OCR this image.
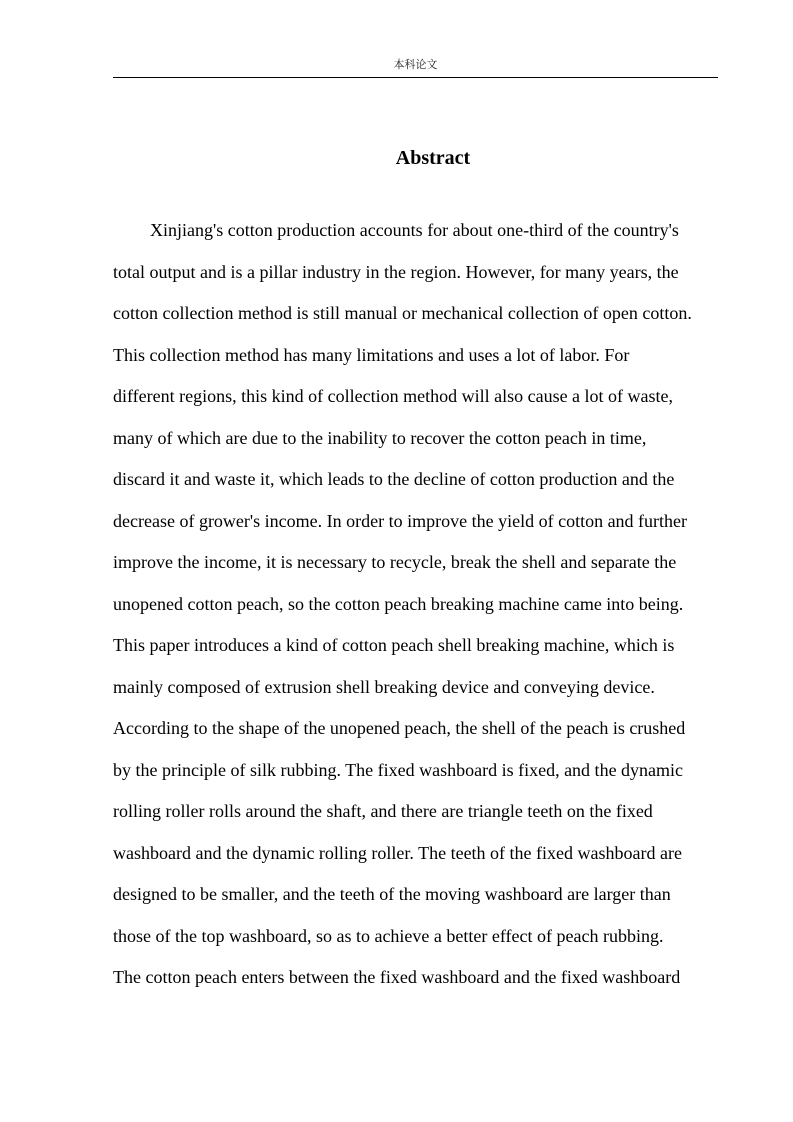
本科论文
Abstract
Xinjiang's cotton production accounts for about one-third of the country's
total output and is a pillar industry in the region. However, for many years, the
cotton collection method is still manual or mechanical collection of open cotton.
This collection method has many limitations and uses a lot of labor. For
different regions, this kind of collection method will also cause a lot of waste,
many of which are due to the inability to recover the cotton peach in time,
discard it and waste it, which leads to the decline of cotton production and the
decrease of grower's income. In order to improve the yield of cotton and further
improve the income, it is necessary to recycle, break the shell and separate the
unopened cotton peach, so the cotton peach breaking machine came into being.
This paper introduces a kind of cotton peach shell breaking machine, which is
mainly composed of extrusion shell breaking device and conveying device.
According to the shape of the unopened peach, the shell of the peach is crushed
by the principle of silk rubbing. The fixed washboard is fixed, and the dynamic
rolling roller rolls around the shaft, and there are triangle teeth on the fixed
washboard and the dynamic rolling roller. The teeth of the fixed washboard are
designed to be smaller, and the teeth of the moving washboard are larger than
those of the top washboard, so as to achieve a better effect of peach rubbing.
The cotton peach enters between the fixed washboard and the fixed washboard
